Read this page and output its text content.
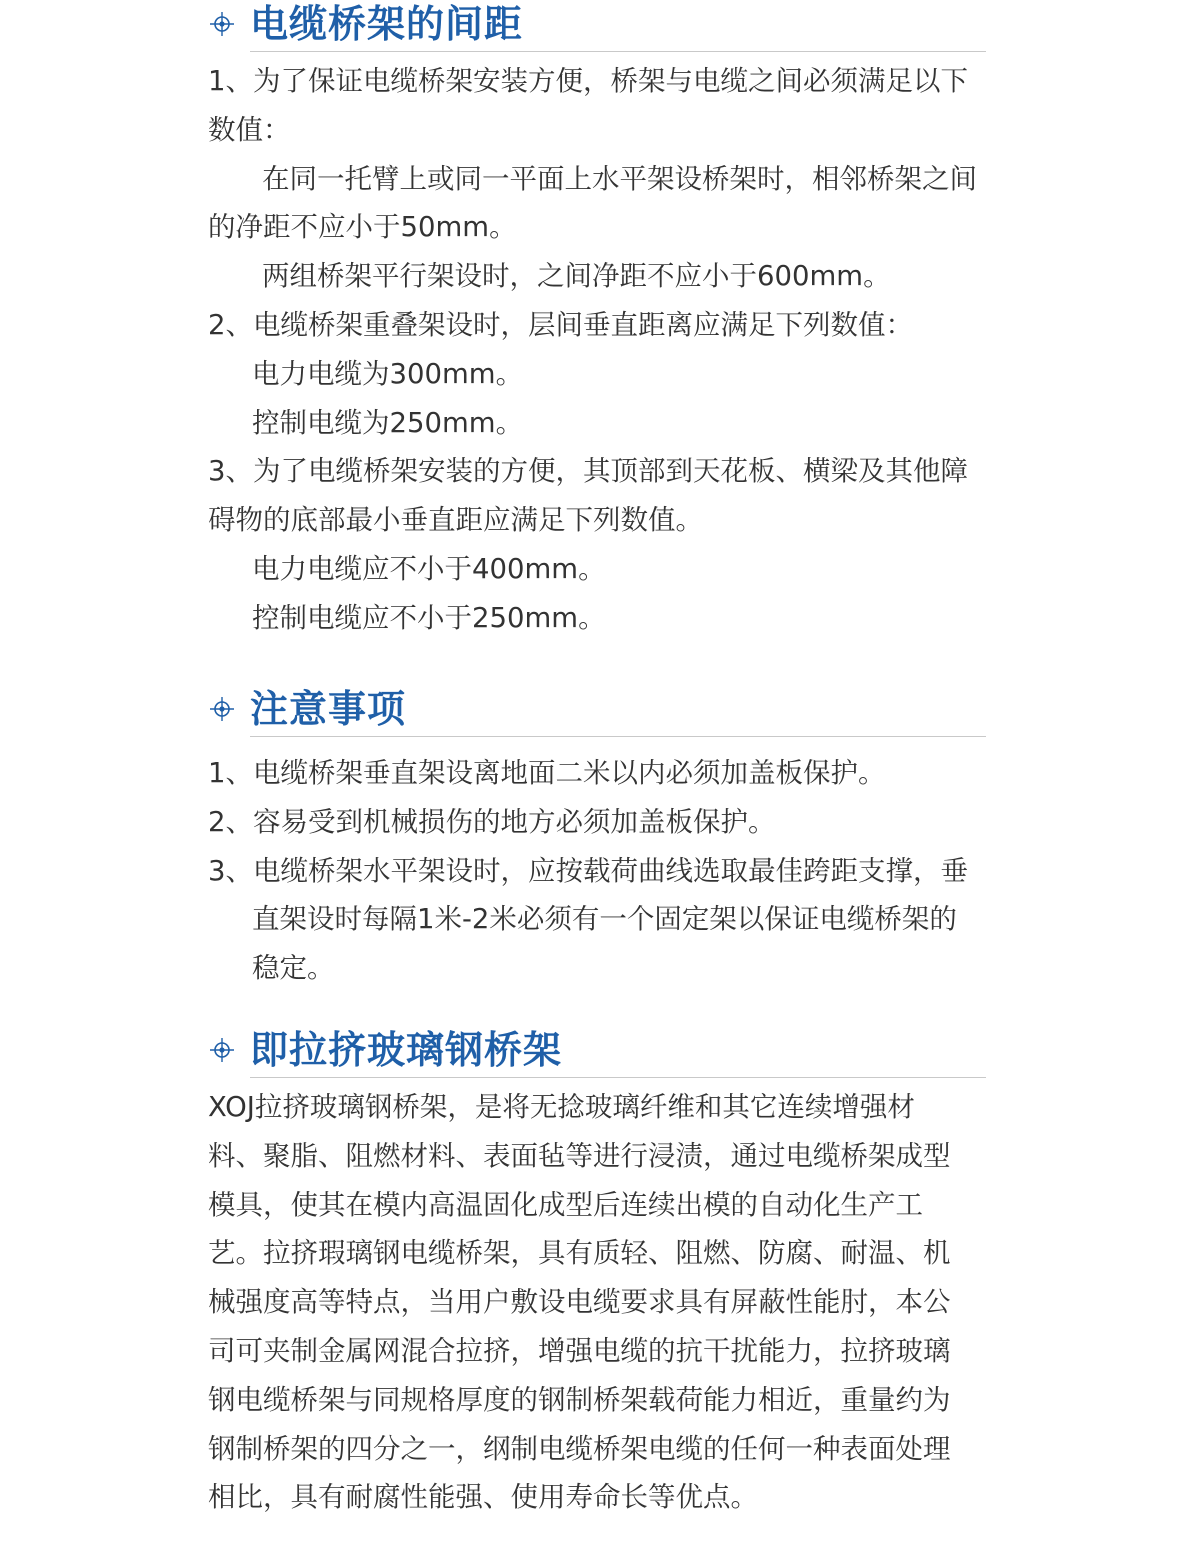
电缆桥架的间距
1、为了保证电缆桥架安装方便，桥架与电缆之间必须满足以下
数值：
在同一托臂上或同一平面上水平架设桥架时，相邻桥架之间
的净距不应小于50mm。
两组桥架平行架设时，之间净距不应小于600mm。
2、电缆桥架重叠架设时，层间垂直距离应满足下列数值：
电力电缆为300mm。
控制电缆为250mm。
3、为了电缆桥架安装的方便，其顶部到天花板、横梁及其他障
碍物的底部最小垂直距应满足下列数值。
电力电缆应不小于400mm。
控制电缆应不小于250mm。
注意事项
1、电缆桥架垂直架设离地面二米以内必须加盖板保护。
2、容易受到机械损伤的地方必须加盖板保护。
3、电缆桥架水平架设时，应按载荷曲线选取最佳跨距支撑，垂
直架设时每隔1米-2米必须有一个固定架以保证电缆桥架的
稳定。
即拉挤玻璃钢桥架
XOJ拉挤玻璃钢桥架，是将无捻玻璃纤维和其它连续增强材
料、聚脂、阻燃材料、表面毡等进行浸渍，通过电缆桥架成型
模具，使其在模内高温固化成型后连续出模的自动化生产工
艺。拉挤瑕璃钢电缆桥架，具有质轻、阻燃、防腐、耐温、机
械强度高等特点，当用户敷设电缆要求具有屏蔽性能肘，本公
司可夹制金属网混合拉挤，增强电缆的抗干扰能力，拉挤玻璃
钢电缆桥架与同规格厚度的钢制桥架载荷能力相近，重量约为
钢制桥架的四分之一，纲制电缆桥架电缆的任何一种表面处理
相比，具有耐腐性能强、使用寿命长等优点。
